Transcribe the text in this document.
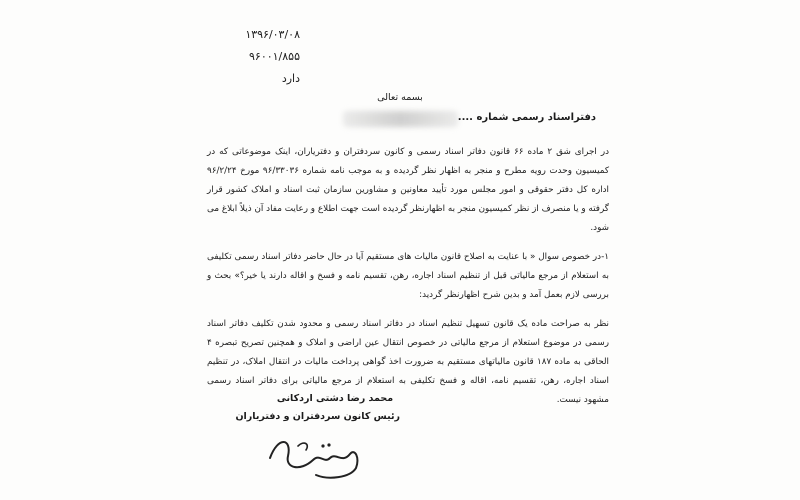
۱۳۹۶/۰۳/۰۸
۹۶۰۰۱/۸۵۵
دارد
بسمه تعالی
دفتراسناد رسمی شماره ....

در اجرای شق ۲ ماده ۶۶ قانون دفاتر اسناد رسمی و کانون سردفتران و دفتریاران، اینک موضوعاتی که در کمیسیون وحدت رویه مطرح و منجر به اظهار نظر گردیده و به موجب نامه شماره ۹۶/۳۳۰۳۶ مورخ ۹۶/۲/۲۴ اداره کل دفتر حقوقی و امور مجلس مورد تأیید معاونین و مشاورین سازمان ثبت اسناد و املاک کشور قرار گرفته و یا منصرف از نظر کمیسیون منجر به اظهارنظر گردیده است جهت اطلاع و رعایت مفاد آن ذیلاً ابلاغ می شود.

۱-در خصوص سوال « با عنایت به اصلاح قانون مالیات های مستقیم آیا در حال حاضر دفاتر اسناد رسمی تکلیفی به استعلام از مرجع مالیاتی قبل از تنظیم اسناد اجاره، رهن، تقسیم نامه و فسخ و اقاله دارند یا خیر؟» بحث و بررسی لازم بعمل آمد و بدین شرح اظهارنظر گردید:

نظر به صراحت ماده یک قانون تسهیل تنظیم اسناد در دفاتر اسناد رسمی و محدود شدن تکلیف دفاتر اسناد رسمی در موضوع استعلام از مرجع مالیاتی در خصوص انتقال عین اراضی و املاک و همچنین تصریح تبصره ۴ الحاقی به ماده ۱۸۷ قانون مالیاتهای مستقیم به ضرورت اخذ گواهی پرداخت مالیات در انتقال املاک، در تنظیم اسناد اجاره، رهن، تقسیم نامه، اقاله و فسخ تکلیفی به استعلام از مرجع مالیاتی برای دفاتر اسناد رسمی مشهود نیست.

محمد رضا دشتی اردکانی
رئیس کانون سردفتران و دفتریاران
